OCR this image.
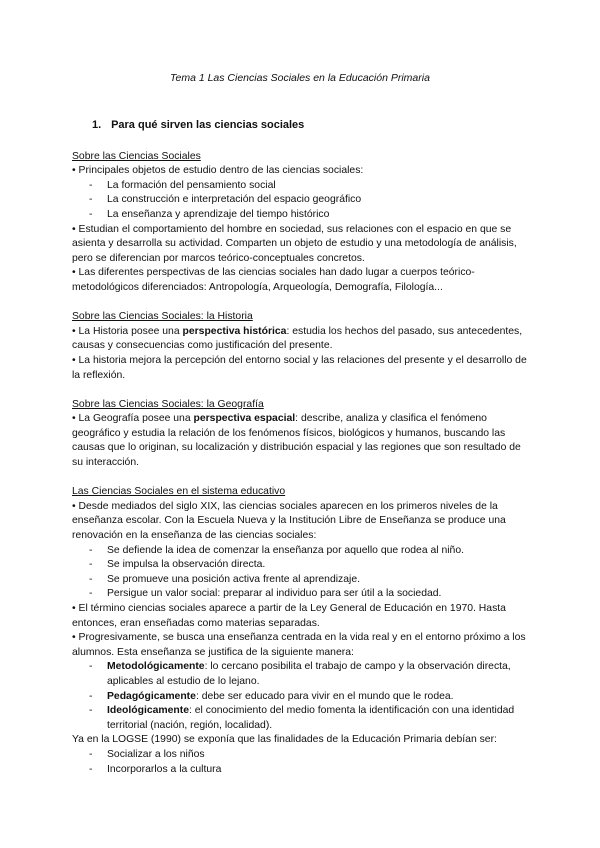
Tema 1 Las Ciencias Sociales en la Educación Primaria
1. Para qué sirven las ciencias sociales
Sobre las Ciencias Sociales
• Principales objetos de estudio dentro de las ciencias sociales:
- La formación del pensamiento social
- La construcción e interpretación del espacio geográfico
- La enseñanza y aprendizaje del tiempo histórico
• Estudian el comportamiento del hombre en sociedad, sus relaciones con el espacio en que se asienta y desarrolla su actividad. Comparten un objeto de estudio y una metodología de análisis, pero se diferencian por marcos teórico-conceptuales concretos.
• Las diferentes perspectivas de las ciencias sociales han dado lugar a cuerpos teórico-metodológicos diferenciados: Antropología, Arqueología, Demografía, Filología...
Sobre las Ciencias Sociales: la Historia
• La Historia posee una perspectiva histórica: estudia los hechos del pasado, sus antecedentes, causas y consecuencias como justificación del presente.
• La historia mejora la percepción del entorno social y las relaciones del presente y el desarrollo de la reflexión.
Sobre las Ciencias Sociales: la Geografía
• La Geografía posee una perspectiva espacial: describe, analiza y clasifica el fenómeno geográfico y estudia la relación de los fenómenos físicos, biológicos y humanos, buscando las causas que lo originan, su localización y distribución espacial y las regiones que son resultado de su interacción.
Las Ciencias Sociales en el sistema educativo
• Desde mediados del siglo XIX, las ciencias sociales aparecen en los primeros niveles de la enseñanza escolar. Con la Escuela Nueva y la Institución Libre de Enseñanza se produce una renovación en la enseñanza de las ciencias sociales:
- Se defiende la idea de comenzar la enseñanza por aquello que rodea al niño.
- Se impulsa la observación directa.
- Se promueve una posición activa frente al aprendizaje.
- Persigue un valor social: preparar al individuo para ser útil a la sociedad.
• El término ciencias sociales aparece a partir de la Ley General de Educación en 1970. Hasta entonces, eran enseñadas como materias separadas.
• Progresivamente, se busca una enseñanza centrada en la vida real y en el entorno próximo a los alumnos. Esta enseñanza se justifica de la siguiente manera:
- Metodológicamente: lo cercano posibilita el trabajo de campo y la observación directa, aplicables al estudio de lo lejano.
- Pedagógicamente: debe ser educado para vivir en el mundo que le rodea.
- Ideológicamente: el conocimiento del medio fomenta la identificación con una identidad territorial (nación, región, localidad).
Ya en la LOGSE (1990) se exponía que las finalidades de la Educación Primaria debían ser:
- Socializar a los niños
- Incorporarlos a la cultura
